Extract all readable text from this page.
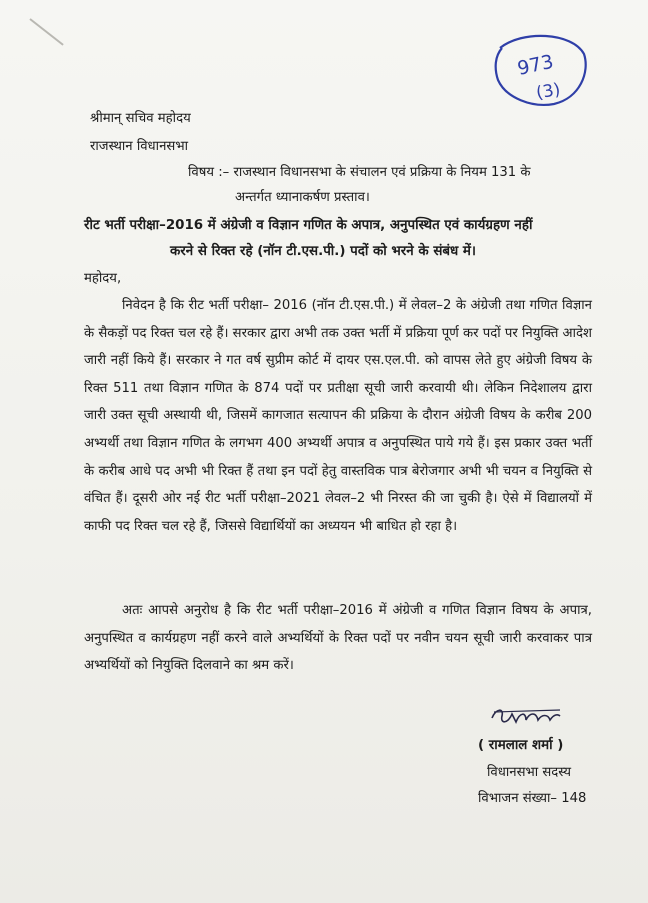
973
(3)
श्रीमान् सचिव महोदय
राजस्थान विधानसभा
विषय :– राजस्थान विधानसभा के संचालन एवं प्रक्रिया के नियम 131 के
अन्तर्गत ध्यानाकर्षण प्रस्ताव।
रीट भर्ती परीक्षा–2016 में अंग्रेजी व विज्ञान गणित के अपात्र, अनुपस्थित एवं कार्यग्रहण नहीं
करने से रिक्त रहे (नॉन टी.एस.पी.) पदों को भरने के संबंध में।
महोदय,
निवेदन है कि रीट भर्ती परीक्षा– 2016 (नॉन टी.एस.पी.) में लेवल–2 के अंग्रेजी तथा गणित विज्ञान के सैकड़ों पद रिक्त चल रहे हैं। सरकार द्वारा अभी तक उक्त भर्ती में प्रक्रिया पूर्ण कर पदों पर नियुक्ति आदेश जारी नहीं किये हैं। सरकार ने गत वर्ष सुप्रीम कोर्ट में दायर एस.एल.पी. को वापस लेते हुए अंग्रेजी विषय के रिक्त 511 तथा विज्ञान गणित के 874 पदों पर प्रतीक्षा सूची जारी करवायी थी। लेकिन निदेशालय द्वारा जारी उक्त सूची अस्थायी थी, जिसमें कागजात सत्यापन की प्रक्रिया के दौरान अंग्रेजी विषय के करीब 200 अभ्यर्थी तथा विज्ञान गणित के लगभग 400 अभ्यर्थी अपात्र व अनुपस्थित पाये गये हैं। इस प्रकार उक्त भर्ती के करीब आधे पद अभी भी रिक्त हैं तथा इन पदों हेतु वास्तविक पात्र बेरोजगार अभी भी चयन व नियुक्ति से वंचित हैं। दूसरी ओर नई रीट भर्ती परीक्षा–2021 लेवल–2 भी निरस्त की जा चुकी है। ऐसे में विद्यालयों में काफी पद रिक्त चल रहे हैं, जिससे विद्यार्थियों का अध्ययन भी बाधित हो रहा है।
अतः आपसे अनुरोध है कि रीट भर्ती परीक्षा–2016 में अंग्रेजी व गणित विज्ञान विषय के अपात्र, अनुपस्थित व कार्यग्रहण नहीं करने वाले अभ्यर्थियों के रिक्त पदों पर नवीन चयन सूची जारी करवाकर पात्र अभ्यर्थियों को नियुक्ति दिलवाने का श्रम करें।
( रामलाल शर्मा )
विधानसभा सदस्य
विभाजन संख्या– 148
